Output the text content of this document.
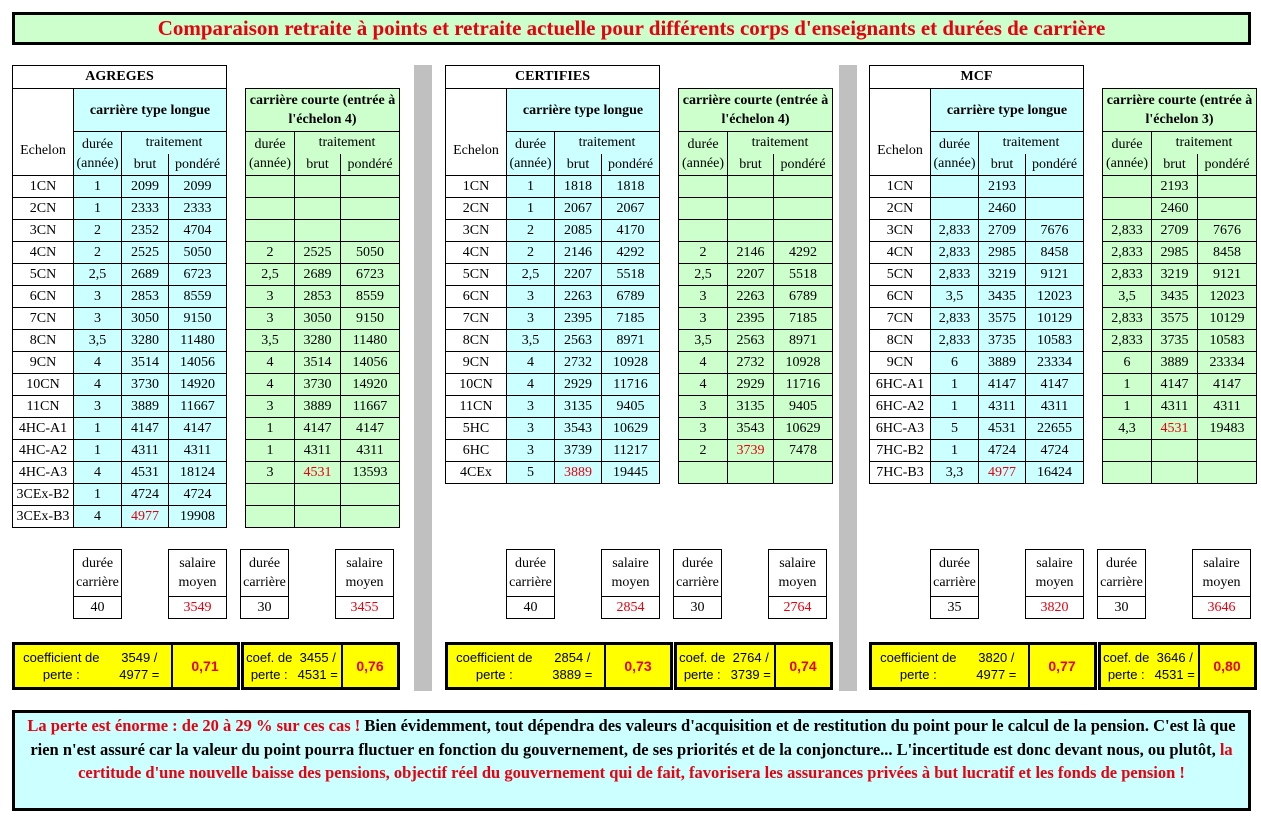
Comparaison retraite à points et retraite actuelle pour différents corps d'enseignants et durées de carrière
AGREGES							
Echelon	carrière type longue				carrière courte (entrée à l'échelon 4)		
	durée (année)	traitement			durée (année)	traitement	
		brut	pondéré			brut	pondéré
1CN	1	2099	2099				
2CN	1	2333	2333				
3CN	2	2352	4704				
4CN	2	2525	5050		2	2525	5050
5CN	2,5	2689	6723		2,5	2689	6723
6CN	3	2853	8559		3	2853	8559
7CN	3	3050	9150		3	3050	9150
8CN	3,5	3280	11480		3,5	3280	11480
9CN	4	3514	14056		4	3514	14056
10CN	4	3730	14920		4	3730	14920
11CN	3	3889	11667		3	3889	11667
4HC-A1	1	4147	4147		1	4147	4147
4HC-A2	1	4311	4311		1	4311	4311
4HC-A3	4	4531	18124		3	4531	13593
3CEx-B2	1	4724	4724				
3CEx-B3	4	4977	19908				
durée carrière		salaire moyen
40		3549
durée carrière		salaire moyen
30		3455
CERTIFIES							
Echelon	carrière type longue				carrière courte (entrée à l'échelon 4)		
	durée (année)	traitement			durée (année)	traitement	
		brut	pondéré			brut	pondéré
1CN	1	1818	1818				
2CN	1	2067	2067				
3CN	2	2085	4170				
4CN	2	2146	4292		2	2146	4292
5CN	2,5	2207	5518		2,5	2207	5518
6CN	3	2263	6789		3	2263	6789
7CN	3	2395	7185		3	2395	7185
8CN	3,5	2563	8971		3,5	2563	8971
9CN	4	2732	10928		4	2732	10928
10CN	4	2929	11716		4	2929	11716
11CN	3	3135	9405		3	3135	9405
5HC	3	3543	10629		3	3543	10629
6HC	3	3739	11217		2	3739	7478
4CEx	5	3889	19445				
durée carrière		salaire moyen
40		2854
durée carrière		salaire moyen
30		2764
MCF							
Echelon	carrière type longue				carrière courte (entrée à l'échelon 3)		
	durée (année)	traitement			durée (année)	traitement	
		brut	pondéré			brut	pondéré
1CN		2193				2193	
2CN		2460				2460	
3CN	2,833	2709	7676		2,833	2709	7676
4CN	2,833	2985	8458		2,833	2985	8458
5CN	2,833	3219	9121		2,833	3219	9121
6CN	3,5	3435	12023		3,5	3435	12023
7CN	2,833	3575	10129		2,833	3575	10129
8CN	2,833	3735	10583		2,833	3735	10583
9CN	6	3889	23334		6	3889	23334
6HC-A1	1	4147	4147		1	4147	4147
6HC-A2	1	4311	4311		1	4311	4311
6HC-A3	5	4531	22655		4,3	4531	19483
7HC-B2	1	4724	4724				
7HC-B3	3,3	4977	16424				
durée carrière		salaire moyen
35		3820
durée carrière		salaire moyen
30		3646
La perte est énorme : de 20 à 29 % sur ces cas ! Bien évidemment, tout dépendra des valeurs d'acquisition et de restitution du point pour le calcul de la pension. C'est là que rien n'est assuré car la valeur du point pourra fluctuer en fonction du gouvernement, de ses priorités et de la conjoncture... L'incertitude est donc devant nous, ou plutôt, la certitude d'une nouvelle baisse des pensions, objectif réel du gouvernement qui de fait, favorisera les assurances privées à but lucratif et les fonds de pension !
coefficient de perte :

3549 / 4977 =
0,71
coef. de perte :

3455 / 4531 =
0,76
coefficient de perte :

2854 / 3889 =
0,73
coef. de perte :

2764 / 3739 =
0,74
coefficient de perte :

3820 / 4977 =
0,77
coef. de perte :

3646 / 4531 =
0,80
